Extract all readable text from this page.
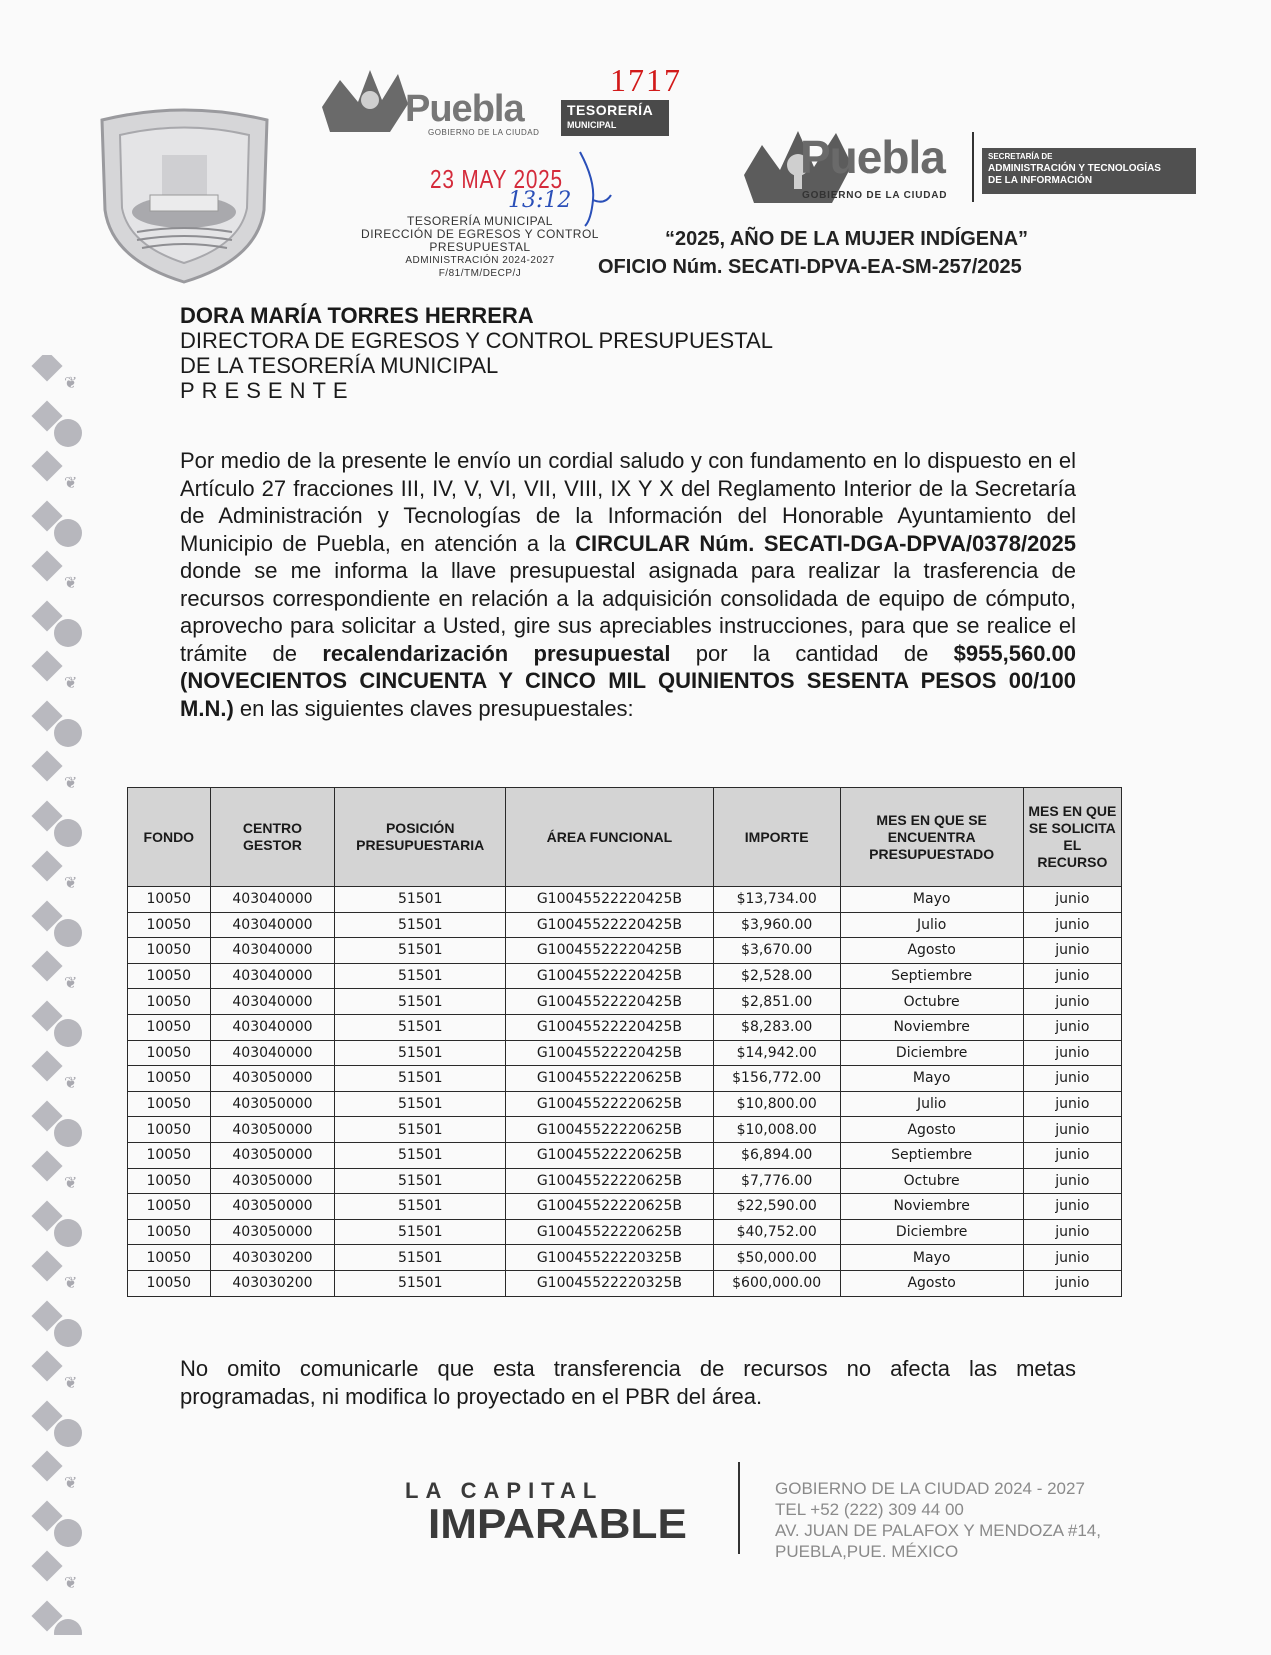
❦
❦
❦
❦
❦
❦
❦
❦
❦
❦
❦
❦
❦
Puebla
GOBIERNO DE LA CIUDAD
TESORERÍA
MUNICIPAL
1717
23 MAY 2025
13:12
TESORERÍA MUNICIPAL
DIRECCIÓN DE EGRESOS Y CONTROL
PRESUPUESTAL
ADMINISTRACIÓN 2024-2027
F/81/TM/DECP/J
Puebla
GOBIERNO DE LA CIUDAD
SECRETARÍA DE
ADMINISTRACIÓN Y TECNOLOGÍAS
DE LA INFORMACIÓN
“2025, AÑO DE LA MUJER INDÍGENA”
OFICIO Núm. SECATI-DPVA-EA-SM-257/2025
DORA MARÍA TORRES HERRERA
DIRECTORA DE EGRESOS Y CONTROL PRESUPUESTAL
DE LA TESORERÍA MUNICIPAL
PRESENTE
Por medio de la presente le envío un cordial saludo y con fundamento en lo dispuesto en el Artículo 27 fracciones III, IV, V, VI, VII, VIII, IX Y X del Reglamento Interior de la Secretaría de Administración y Tecnologías de la Información del Honorable Ayuntamiento del Municipio de Puebla, en atención a la CIRCULAR Núm. SECATI-DGA-DPVA/0378/2025 donde se me informa la llave presupuestal asignada para realizar la trasferencia de recursos correspondiente en relación a la adquisición consolidada de equipo de cómputo, aprovecho para solicitar a Usted, gire sus apreciables instrucciones, para que se realice el trámite de recalendarización presupuestal por la cantidad de $955,560.00 (NOVECIENTOS CINCUENTA Y CINCO MIL QUINIENTOS SESENTA PESOS 00/100 M.N.) en las siguientes claves presupuestales:
FONDO	CENTRO GESTOR	POSICIÓN PRESUPUESTARIA	ÁREA FUNCIONAL	IMPORTE	MES EN QUE SE ENCUENTRA PRESUPUESTADO	MES EN QUE SE SOLICITA EL RECURSO
10050	403040000	51501	G10045522220425B	$13,734.00	Mayo	junio
10050	403040000	51501	G10045522220425B	$3,960.00	Julio	junio
10050	403040000	51501	G10045522220425B	$3,670.00	Agosto	junio
10050	403040000	51501	G10045522220425B	$2,528.00	Septiembre	junio
10050	403040000	51501	G10045522220425B	$2,851.00	Octubre	junio
10050	403040000	51501	G10045522220425B	$8,283.00	Noviembre	junio
10050	403040000	51501	G10045522220425B	$14,942.00	Diciembre	junio
10050	403050000	51501	G10045522220625B	$156,772.00	Mayo	junio
10050	403050000	51501	G10045522220625B	$10,800.00	Julio	junio
10050	403050000	51501	G10045522220625B	$10,008.00	Agosto	junio
10050	403050000	51501	G10045522220625B	$6,894.00	Septiembre	junio
10050	403050000	51501	G10045522220625B	$7,776.00	Octubre	junio
10050	403050000	51501	G10045522220625B	$22,590.00	Noviembre	junio
10050	403050000	51501	G10045522220625B	$40,752.00	Diciembre	junio
10050	403030200	51501	G10045522220325B	$50,000.00	Mayo	junio
10050	403030200	51501	G10045522220325B	$600,000.00	Agosto	junio
No omito comunicarle que esta transferencia de recursos no afecta las metas programadas, ni modifica lo proyectado en el PBR del área.
LA CAPITAL
IMPARABLE
GOBIERNO DE LA CIUDAD 2024 - 2027
TEL +52 (222) 309 44 00
AV. JUAN DE PALAFOX Y MENDOZA #14,
PUEBLA,PUE. MÉXICO
